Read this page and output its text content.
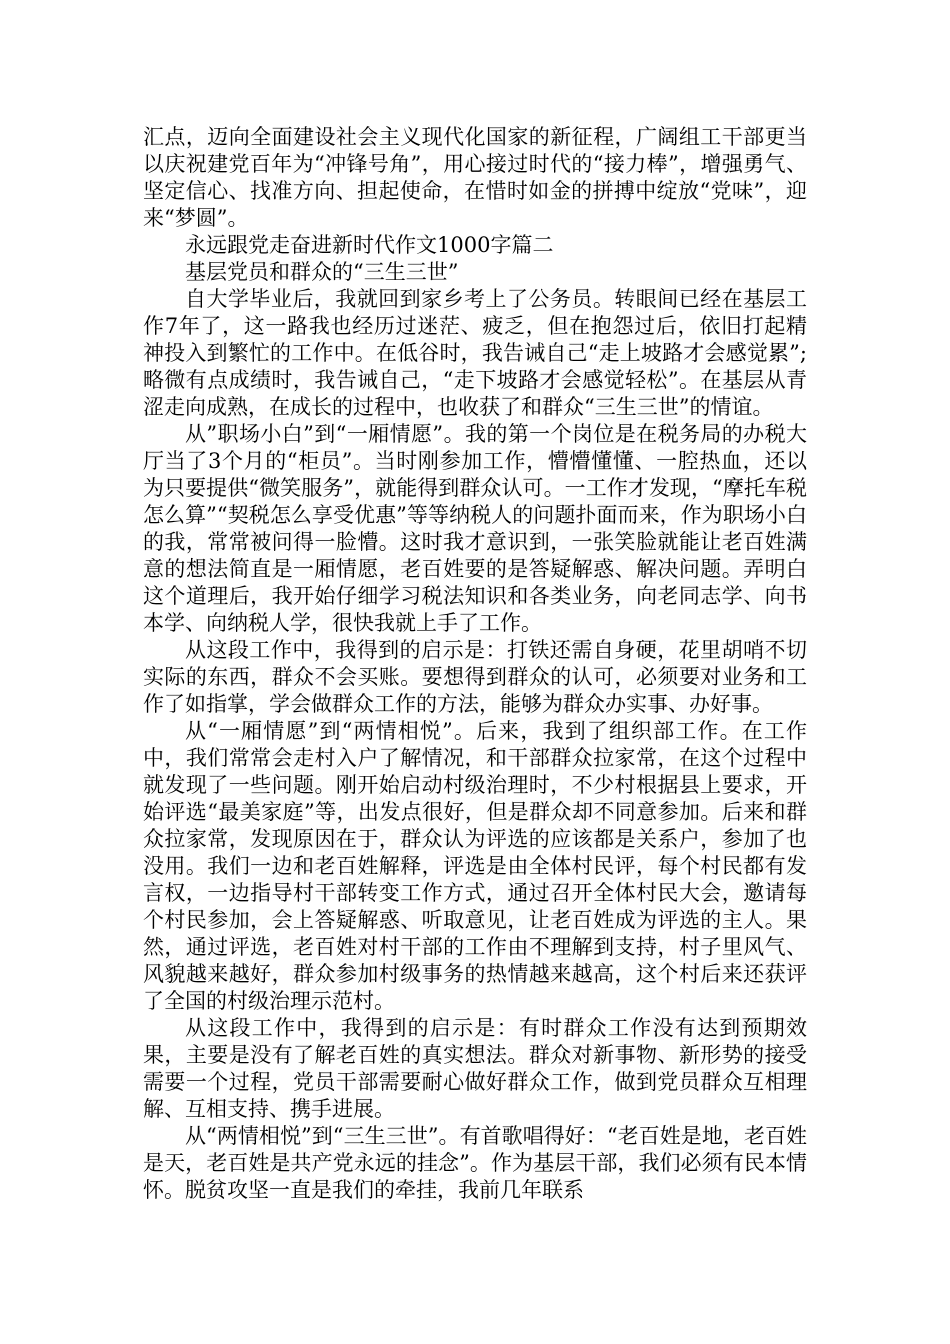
汇点，迈向全面建设社会主义现代化国家的新征程，广阔组工干部更当以庆祝建党百年为“冲锋号角”，用心接过时代的“接力棒”，增强勇气、坚定信心、找准方向、担起使命，在惜时如金的拼搏中绽放“党味”，迎来“梦圆”。

永远跟党走奋进新时代作文1000字篇二

基层党员和群众的“三生三世”

自大学毕业后，我就回到家乡考上了公务员。转眼间已经在基层工作7年了，这一路我也经历过迷茫、疲乏，但在抱怨过后，依旧打起精神投入到繁忙的工作中。在低谷时，我告诫自己“走上坡路才会感觉累”;略微有点成绩时，我告诫自己，“走下坡路才会感觉轻松”。在基层从青涩走向成熟，在成长的过程中，也收获了和群众“三生三世”的情谊。

从”职场小白”到“一厢情愿”。我的第一个岗位是在税务局的办税大厅当了3个月的“柜员”。当时刚参加工作，懵懵懂懂、一腔热血，还以为只要提供“微笑服务”，就能得到群众认可。一工作才发现，“摩托车税怎么算”“契税怎么享受优惠”等等纳税人的问题扑面而来，作为职场小白的我，常常被问得一脸懵。这时我才意识到，一张笑脸就能让老百姓满意的想法简直是一厢情愿，老百姓要的是答疑解惑、解决问题。弄明白这个道理后，我开始仔细学习税法知识和各类业务，向老同志学、向书本学、向纳税人学，很快我就上手了工作。

从这段工作中，我得到的启示是：打铁还需自身硬，花里胡哨不切实际的东西，群众不会买账。要想得到群众的认可，必须要对业务和工作了如指掌，学会做群众工作的方法，能够为群众办实事、办好事。

从“一厢情愿”到“两情相悦”。后来，我到了组织部工作。在工作中，我们常常会走村入户了解情况，和干部群众拉家常，在这个过程中就发现了一些问题。刚开始启动村级治理时，不少村根据县上要求，开始评选“最美家庭”等，出发点很好，但是群众却不同意参加。后来和群众拉家常，发现原因在于，群众认为评选的应该都是关系户，参加了也没用。我们一边和老百姓解释，评选是由全体村民评，每个村民都有发言权，一边指导村干部转变工作方式，通过召开全体村民大会，邀请每个村民参加，会上答疑解惑、听取意见，让老百姓成为评选的主人。果然，通过评选，老百姓对村干部的工作由不理解到支持，村子里风气、风貌越来越好，群众参加村级事务的热情越来越高，这个村后来还获评了全国的村级治理示范村。

从这段工作中，我得到的启示是：有时群众工作没有达到预期效果，主要是没有了解老百姓的真实想法。群众对新事物、新形势的接受需要一个过程，党员干部需要耐心做好群众工作，做到党员群众互相理解、互相支持、携手进展。

从“两情相悦”到“三生三世”。有首歌唱得好：“老百姓是地，老百姓是天，老百姓是共产党永远的挂念”。作为基层干部，我们必须有民本情怀。脱贫攻坚一直是我们的牵挂，我前几年联系
